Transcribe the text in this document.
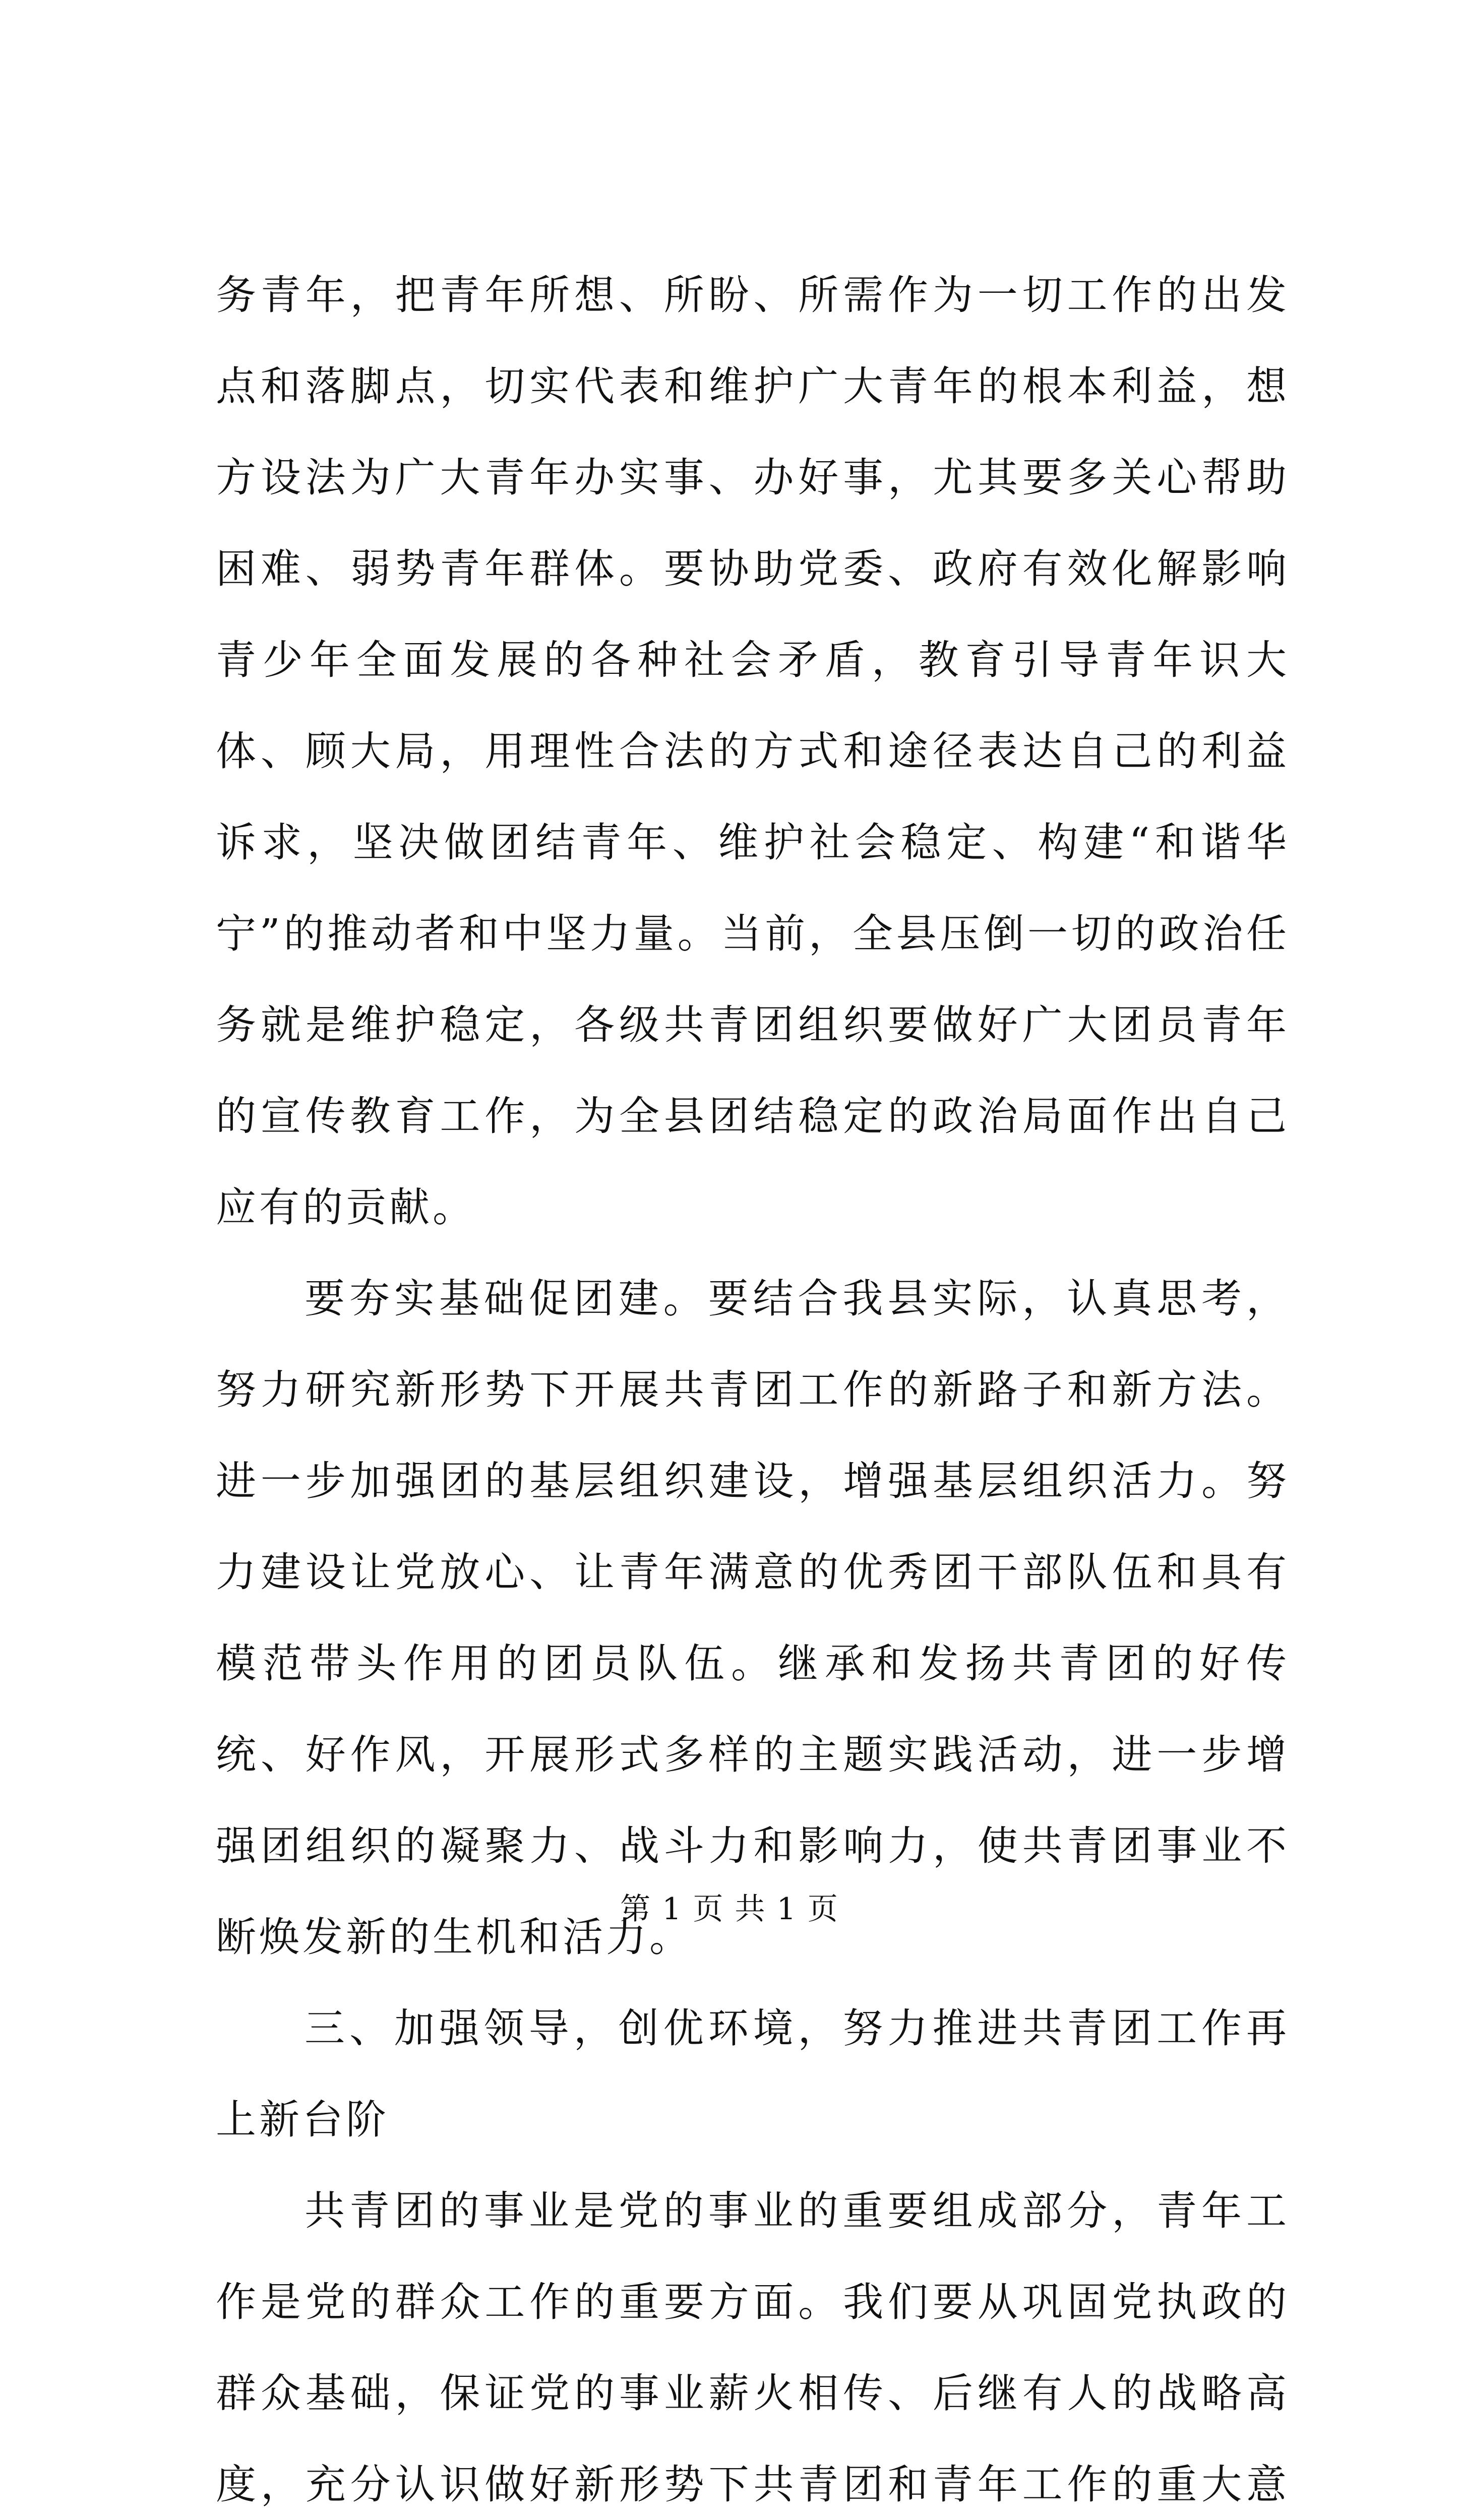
务青年，把青年所想、所盼、所需作为一切工作的出发点和落脚点，切实代表和维护广大青年的根本利益，想方设法为广大青年办实事、办好事，尤其要多关心帮助困难、弱势青年群体。要协助党委、政府有效化解影响青少年全面发展的各种社会矛盾，教育引导青年识大体、顾大局，用理性合法的方式和途径表达自己的利益诉求，坚决做团结青年、维护社会稳定、构建“和谐华宁”的推动者和中坚力量。当前，全县压倒一切的政治任务就是维护稳定，各级共青团组织要做好广大团员青年的宣传教育工作，为全县团结稳定的政治局面作出自己应有的贡献。

要夯实基础促团建。要结合我县实际，认真思考，努力研究新形势下开展共青团工作的新路子和新方法。进一步加强团的基层组织建设，增强基层组织活力。努力建设让党放心、让青年满意的优秀团干部队伍和具有模范带头作用的团员队伍。继承和发扬共青团的好传统、好作风，开展形式多样的主题实践活动，进一步增强团组织的凝聚力、战斗力和影响力，使共青团事业不断焕发新的生机和活力。

三、加强领导，创优环境，努力推进共青团工作再上新台阶

共青团的事业是党的事业的重要组成部分，青年工作是党的群众工作的重要方面。我们要从巩固党执政的群众基础，保证党的事业薪火相传、后继有人的战略高度，充分认识做好新形势下共青团和青年工作的重大意

第 1 页 共 1 页
